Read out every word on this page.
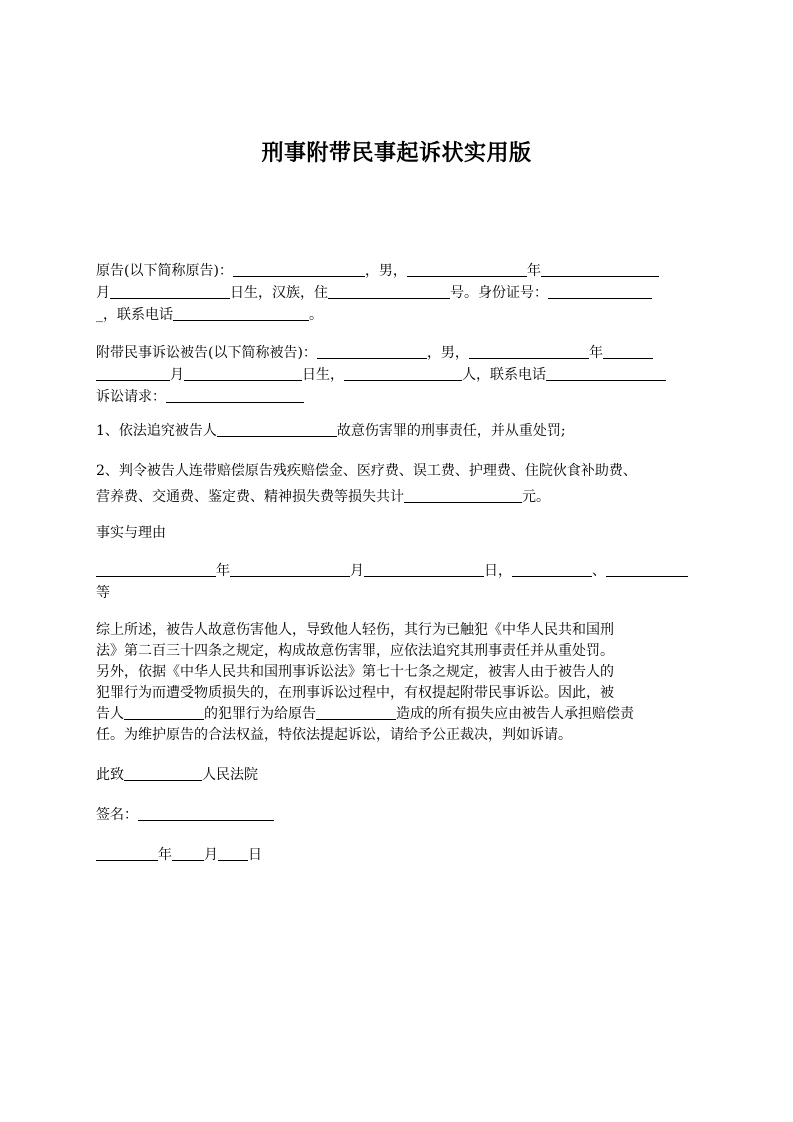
刑事附带民事起诉状实用版
原告(以下简称原告)：	，男，	年
月	日生，汉族，住	号。身份证号：
_，联系电话	。
附带民事诉讼被告(以下简称被告)：	，男，	年
月	日生，	人，联系电话
诉讼请求：
1、依法追究被告人	故意伤害罪的刑事责任，并从重处罚;
2、判令被告人连带赔偿原告残疾赔偿金、医疗费、误工费、护理费、住院伙食补助费、
营养费、交通费、鉴定费、精神损失费等损失共计	元。
事实与理由
年	月	日，	、
等
综上所述，被告人故意伤害他人，导致他人轻伤，其行为已触犯《中华人民共和国刑
法》第二百三十四条之规定，构成故意伤害罪，应依法追究其刑事责任并从重处罚。
另外，依据《中华人民共和国刑事诉讼法》第七十七条之规定，被害人由于被告人的
犯罪行为而遭受物质损失的，在刑事诉讼过程中，有权提起附带民事诉讼。因此，被
告人	的犯罪行为给原告	造成的所有损失应由被告人承担赔偿责
任。为维护原告的合法权益，特依法提起诉讼，请给予公正裁决，判如诉请。
此致	人民法院
签名：
年 月 日
